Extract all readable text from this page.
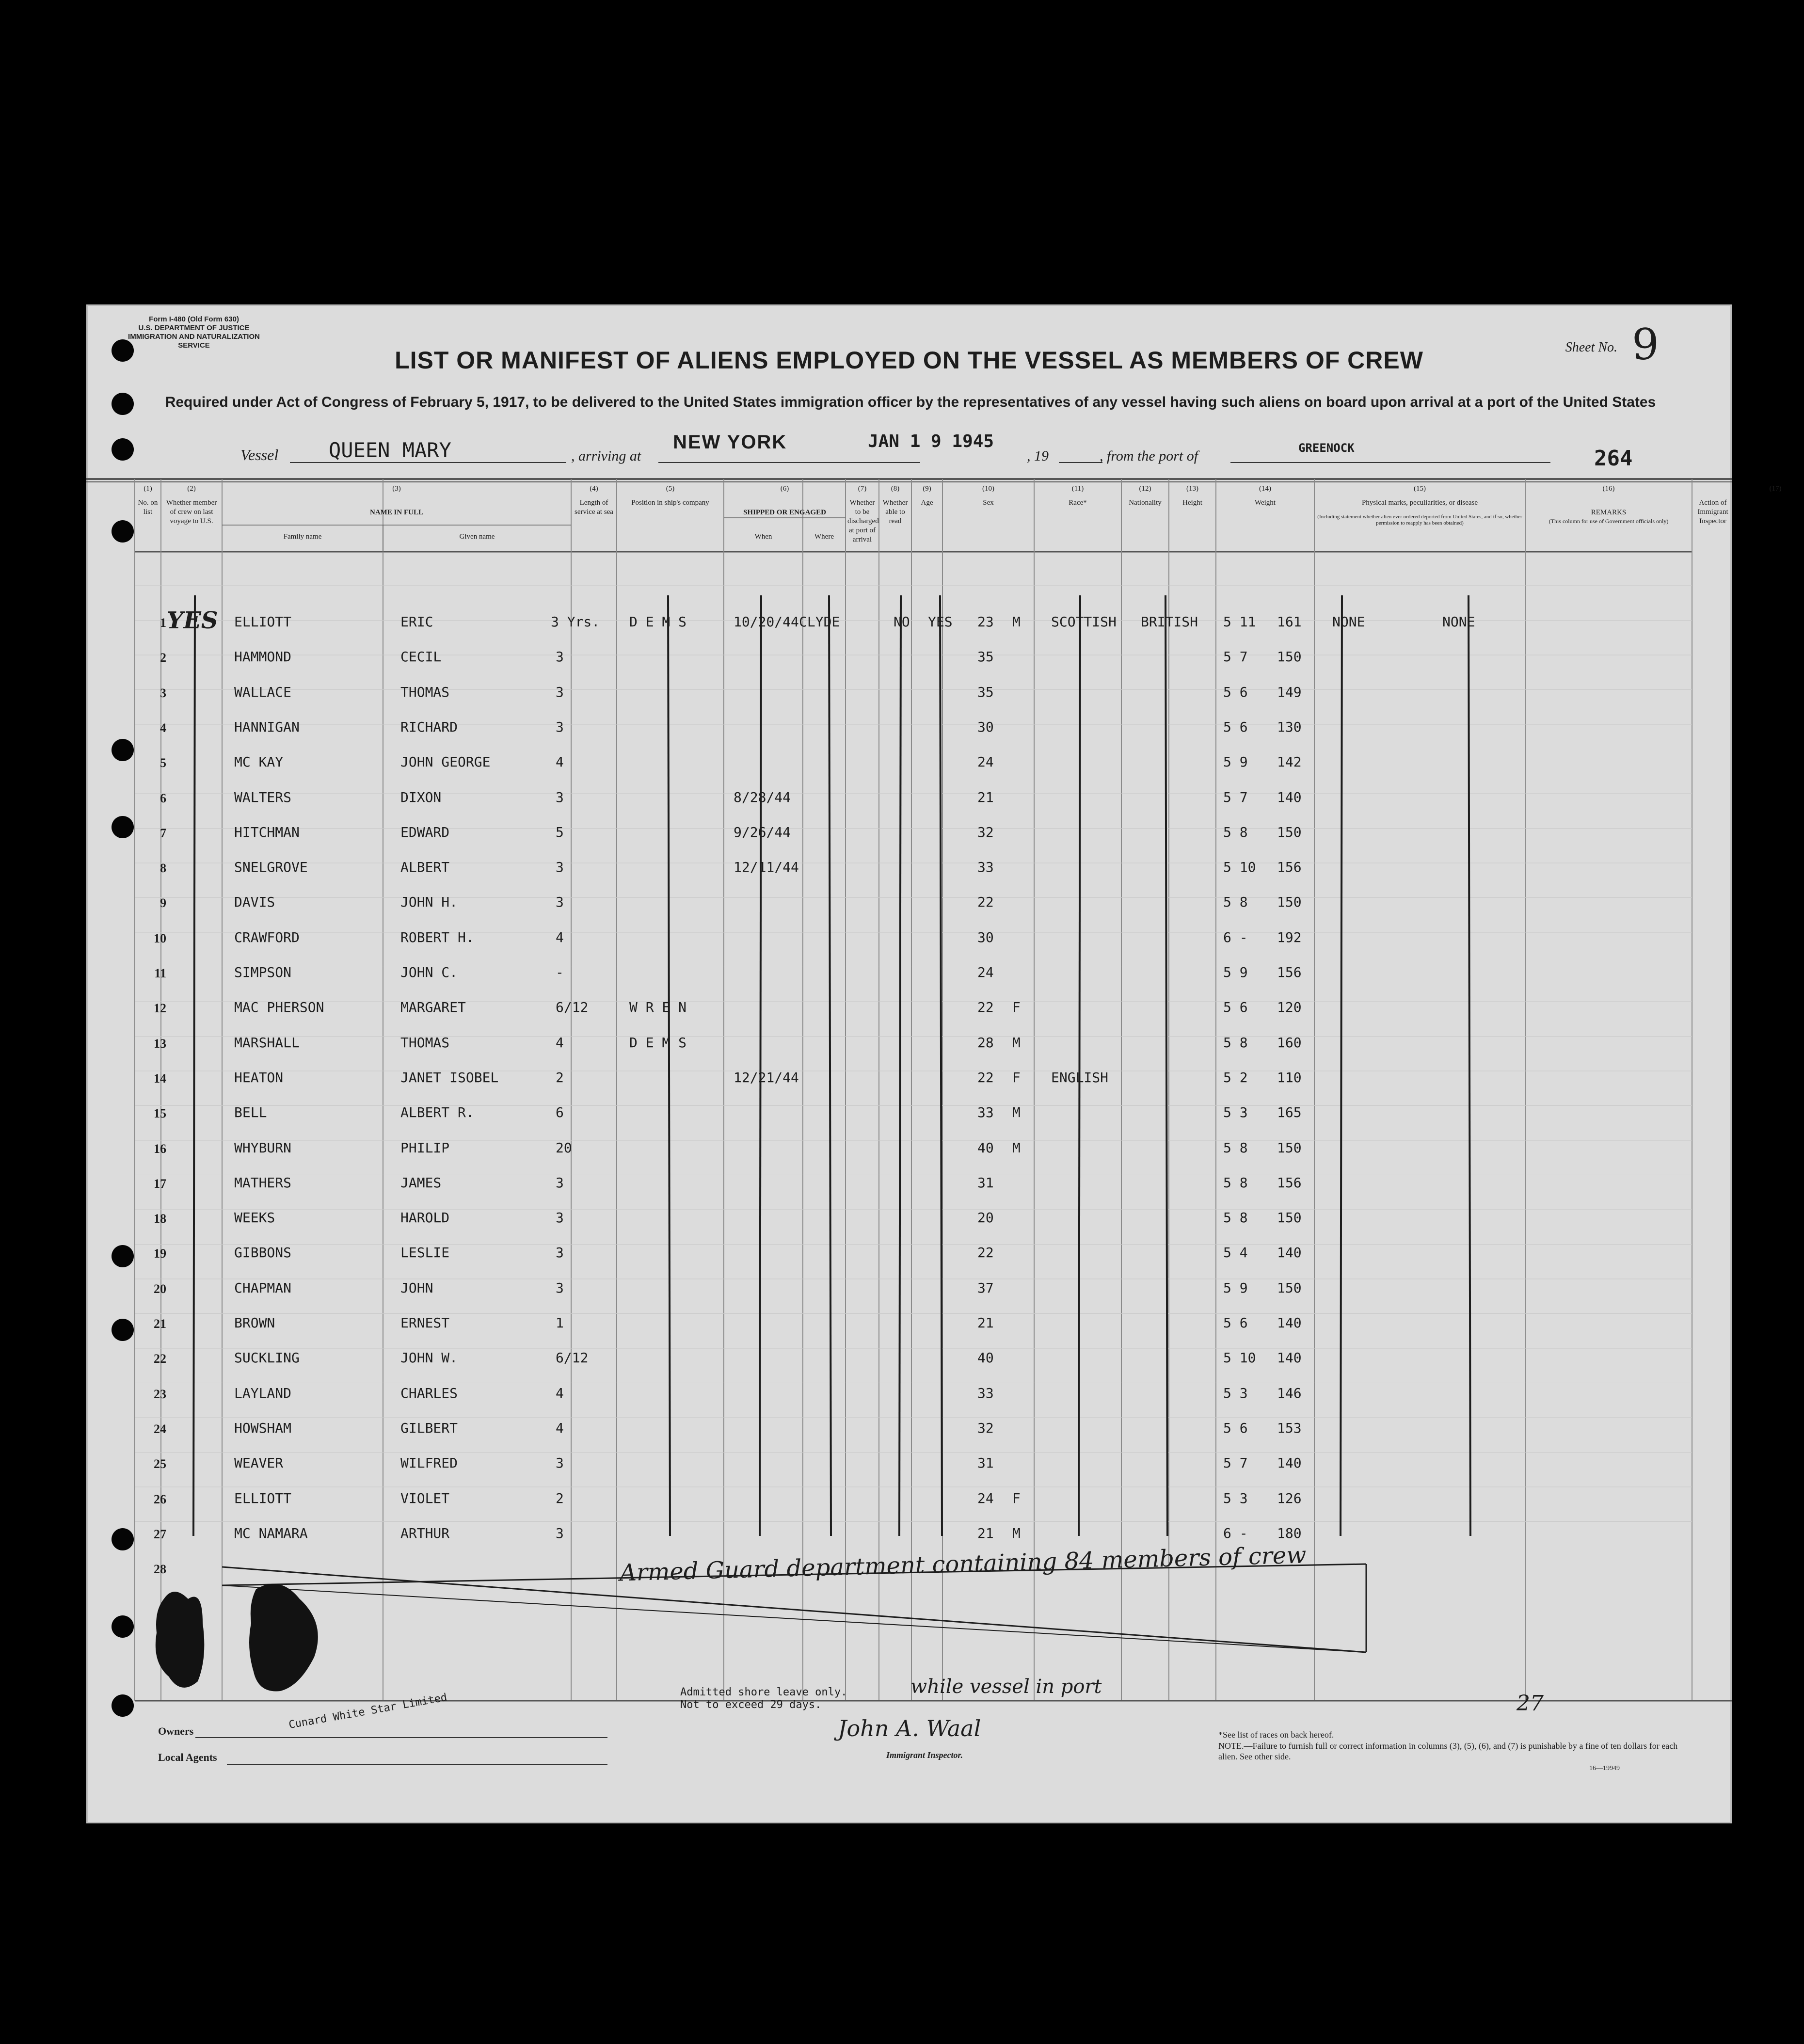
Form I-480 (Old Form 630)
U.S. DEPARTMENT OF JUSTICE
IMMIGRATION AND NATURALIZATION SERVICE	Sheet No. 9
LIST OR MANIFEST OF ALIENS EMPLOYED ON THE VESSEL AS MEMBERS OF CREW
Required under Act of Congress of February 5, 1917, to be delivered to the United States immigration officer by the representatives of any vessel having such aliens on board upon arrival at a port of the United States
Vessel QUEEN MARY	, arriving at
NEW YORK	JAN 1 9 1945
, 19	, from the port of	GREENOCK	264
(1)
No. on list
(2)
Whether member of crew on last voyage to U.S.
(3)
NAME IN FULL
(4)
Length of service at sea
(5)
Position in ship's company
(6)
SHIPPED OR ENGAGED
(7)
Whether to be discharged at port of arrival
(8)
Whether able to read
(9)
Age
(10)
Sex
(11)
Race*
(12)
Nationality
(13)
Height
(14)
Weight
(15)
Physical marks, peculiarities, or disease
(16)
REMARKS
(17)
Action of Immigrant Inspector
Family name	Given name	When	Where
(Including statement whether alien ever ordered deported from United States, and if so, whether permission to reapply has been obtained)	(This column for use of Government officials only)
1 YES ELLIOTT	ERIC	3 Yrs. D E M S	10/20/44 CLYDE	NO YES 23 M SCOTTISH BRITISH 5 11 161 NONE	NONE
2	HAMMOND	CECIL	3	35	5 7 150
3	WALLACE	THOMAS	3	35	5 6 149
4	HANNIGAN	RICHARD	3	30	5 6 130
5	MC KAY	JOHN GEORGE	4	24	5 9 142
6	WALTERS	DIXON	3	8/28/44	21	5 7 140
7	HITCHMAN	EDWARD	5	9/26/44	32	5 8 150
8	SNELGROVE	ALBERT	3	12/11/44	33	5 10 156
9	DAVIS	JOHN H.	3	22	5 8 150
10	CRAWFORD	ROBERT H.	4	30	6 - 192
11	SIMPSON	JOHN C.	-	24	5 9 156
12	MAC PHERSON	MARGARET	6/12	W R E N	22 F	5 6 120
13	MARSHALL	THOMAS	4	D E M S	28 M	5 8 160
14	HEATON	JANET ISOBEL	2	12/21/44	22 F ENGLISH	5 2 110
15	BELL	ALBERT R.	6	33 M	5 3 165
16	WHYBURN	PHILIP	20	40 M	5 8 150
17	MATHERS	JAMES	3	31	5 8 156
18	WEEKS	HAROLD	3	20	5 8 150
19	GIBBONS	LESLIE	3	22	5 4 140
20	CHAPMAN	JOHN	3	37	5 9 150
21	BROWN	ERNEST	1	21	5 6 140
22	SUCKLING	JOHN W.	6/12	40	5 10 140
23	LAYLAND	CHARLES	4	33	5 3 146
24	HOWSHAM	GILBERT	4	32	5 6 153
25	WEAVER	WILFRED	3	31	5 7 140
26	ELLIOTT	VIOLET	2	24 F	5 3 126
27	MC NAMARA	ARTHUR	3	21 M	6 - 180
28	Armed Guard department containing 84 members of crew
Admitted shore leave only.
Not to exceed 29 days.
while vessel in port
John A. Waal
Immigrant Inspector.
27
Owners
Local Agents
Cunard White Star Limited
*See list of races on back hereof.
NOTE.—Failure to furnish full or correct information in columns (3), (5), (6), and (7) is punishable by a fine of ten dollars for each alien. See other side.
16—19949
